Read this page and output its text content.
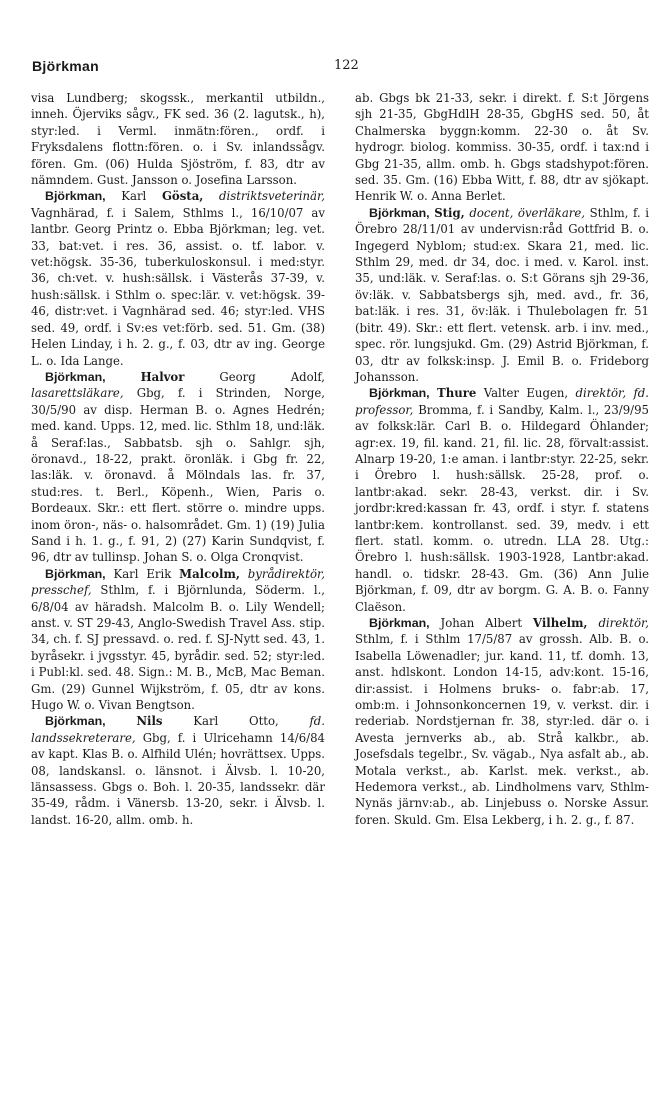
Björkman	122

visa Lundberg; skogssk., merkantil utbildn., inneh. Öjerviks sågv., FK sed. 36 (2. lagutsk., h), styr:led. i Verml. inmätn:fören., ordf. i Fryksdalens flottn:fören. o. i Sv. inlandssågv. fören. Gm. (06) Hulda Sjöström, f. 83, dtr av nämndem. Gust. Jansson o. Josefina Larsson.

Björkman, Karl Gösta, distriktsveterinär, Vagnhärad, f. i Salem, Sthlms l., 16/10/07 av lantbr. Georg Printz o. Ebba Björkman; leg. vet. 33, bat:vet. i res. 36, assist. o. tf. labor. v. vet:högsk. 35-36, tuberkuloskonsul. i med:styr. 36, ch:vet. v. hush:sällsk. i Västerås 37-39, v. hush:sällsk. i Sthlm o. spec:lär. v. vet:högsk. 39-46, distr:vet. i Vagnhärad sed. 46; styr:led. VHS sed. 49, ordf. i Sv:es vet:förb. sed. 51. Gm. (38) Helen Linday, i h. 2. g., f. 03, dtr av ing. George L. o. Ida Lange.

Björkman,	Halvor Georg Adolf, lasarettsläkare, Gbg, f. i Strinden, Norge, 30/5/90 av disp. Herman B. o. Agnes Hedrén; med. kand. Upps. 12, med. lic. Sthlm 18, und:läk. å Seraf:las., Sabbatsb. sjh o. Sahlgr. sjh, öronavd., 18-22, prakt. öronläk. i Gbg fr. 22, las:läk. v. öronavd. å Mölndals las. fr. 37, stud:res. t. Berl., Köpenh., Wien, Paris o. Bordeaux. Skr.: ett flert. större o. mindre upps. inom öron-, näs- o. halsområdet. Gm. 1) (19) Julia Sand i h. 1. g., f. 91, 2) (27) Karin Sundqvist, f. 96, dtr av tullinsp. Johan S. o. Olga Cronqvist.

Björkman, Karl Erik Malcolm, byrådirektör, presschef, Sthlm, f. i Björnlunda, Söderm. l., 6/8/04 av häradsh. Malcolm B. o. Lily Wendell; anst. v. ST 29-43, Anglo-Swedish Travel Ass. stip. 34, ch. f. SJ pressavd. o. red. f. SJ-Nytt sed. 43, 1. byråsekr. i jvgsstyr. 45, byrådir. sed. 52; styr:led. i Publ:kl. sed. 48. Sign.: M. B., McB, Mac Beman. Gm. (29) Gunnel Wijkström, f. 05, dtr av kons. Hugo W. o. Vivan Bengtson.

Björkman,	Nils Karl Otto, fd. landssekreterare, Gbg, f. i Ulricehamn 14/6/84 av kapt. Klas B. o. Alfhild Ulén; hovrättsex. Upps. 08, landskansl. o. länsnot. i Älvsb. l. 10-20, länsassess. Gbgs o. Boh. l. 20-35, landssekr. där 35-49, rådm. i Vänersb. 13-20, sekr. i Älvsb. l. landst. 16-20, allm. omb. h.

ab. Gbgs bk 21-33, sekr. i direkt. f. S:t Jörgens sjh 21-35, GbgHdlH 28-35, GbgHS sed. 50, åt Chalmerska byggn:komm. 22-30 o. åt Sv. hydrogr. biolog. kommiss. 30-35, ordf. i tax:nd i Gbg 21-35, allm. omb. h. Gbgs stadshypot:fören. sed. 35. Gm. (16) Ebba Witt, f. 88, dtr av sjökapt. Henrik W. o. Anna Berlet.

Björkman, Stig, docent, överläkare, Sthlm, f. i Örebro 28/11/01 av undervisn:råd Gottfrid B. o. Ingegerd Nyblom; stud:ex. Skara 21, med. lic. Sthlm 29, med. dr 34, doc. i med. v. Karol. inst. 35, und:läk. v. Seraf:las. o. S:t Görans sjh 29-36, öv:läk. v. Sabbatsbergs sjh, med. avd., fr. 36, bat:läk. i res. 31, öv:läk. i Thulebolagen fr. 51 (bitr. 49). Skr.: ett flert. vetensk. arb. i inv. med., spec. rör. lungsjukd. Gm. (29) Astrid Björkman, f. 03, dtr av folksk:insp. J. Emil B. o. Frideborg Johansson.

Björkman, Thure Valter Eugen, direktör, fd. professor, Bromma, f. i Sandby, Kalm. l., 23/9/95 av folksk:lär. Carl B. o. Hildegard Öhlander; agr:ex. 19, fil. kand. 21, fil. lic. 28, förvalt:assist. Alnarp 19-20, 1:e aman. i lantbr:styr. 22-25, sekr. i Örebro l. hush:sällsk. 25-28, prof. o. lantbr:akad. sekr. 28-43, verkst. dir. i Sv. jordbr:kred:kassan fr. 43, ordf. i styr. f. statens lantbr:kem. kontrollanst. sed. 39, medv. i ett flert. statl. komm. o. utredn. LLA 28. Utg.: Örebro l. hush:sällsk. 1903-1928, Lantbr:akad. handl. o. tidskr. 28-43. Gm. (36) Ann Julie Björkman, f. 09, dtr av borgm. G. A. B. o. Fanny Claëson.

Björkman, Johan Albert Vilhelm, direktör, Sthlm, f. i Sthlm 17/5/87 av grossh. Alb. B. o. Isabella Löwenadler; jur. kand. 11, tf. domh. 13, anst. hdlskont. London 14-15, adv:kont. 15-16, dir:assist. i Holmens bruks- o. fabr:ab. 17, omb:m. i Johnsonkoncernen 19, v. verkst. dir. i rederiab. Nordstjernan fr. 38, styr:led. där o. i Avesta jernverks ab., ab. Strå kalkbr., ab. Josefsdals tegelbr., Sv. vägab., Nya asfalt ab., ab. Motala verkst., ab. Karlst. mek. verkst., ab. Hedemora verkst., ab. Lindholmens varv, Sthlm-Nynäs järnv:ab., ab. Linjebuss o. Norske Assur. foren. Skuld. Gm. Elsa Lekberg, i h. 2. g., f. 87.
